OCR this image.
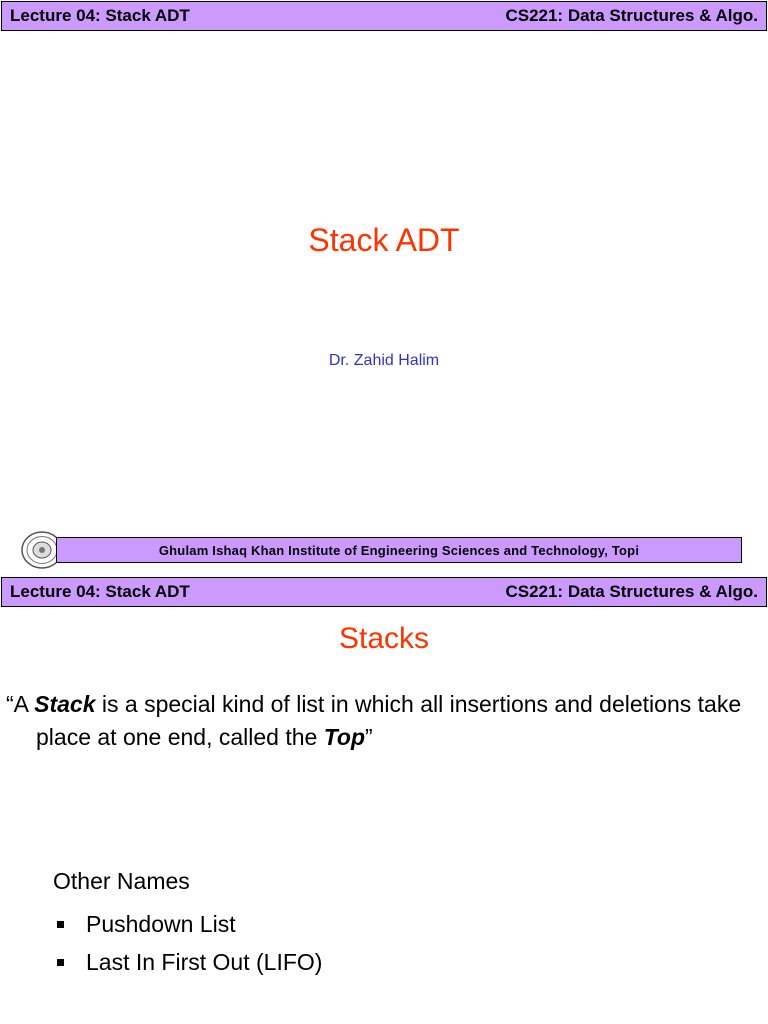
Lecture 04: Stack ADT	CS221: Data Structures & Algo.
Stack ADT
Dr. Zahid Halim
Ghulam Ishaq Khan Institute of Engineering Sciences and Technology, Topi
Lecture 04: Stack ADT	CS221: Data Structures & Algo.
Stacks
“A Stack is a special kind of list in which all insertions and deletions take place at one end, called the Top”
Other Names
Pushdown List
Last In First Out (LIFO)
